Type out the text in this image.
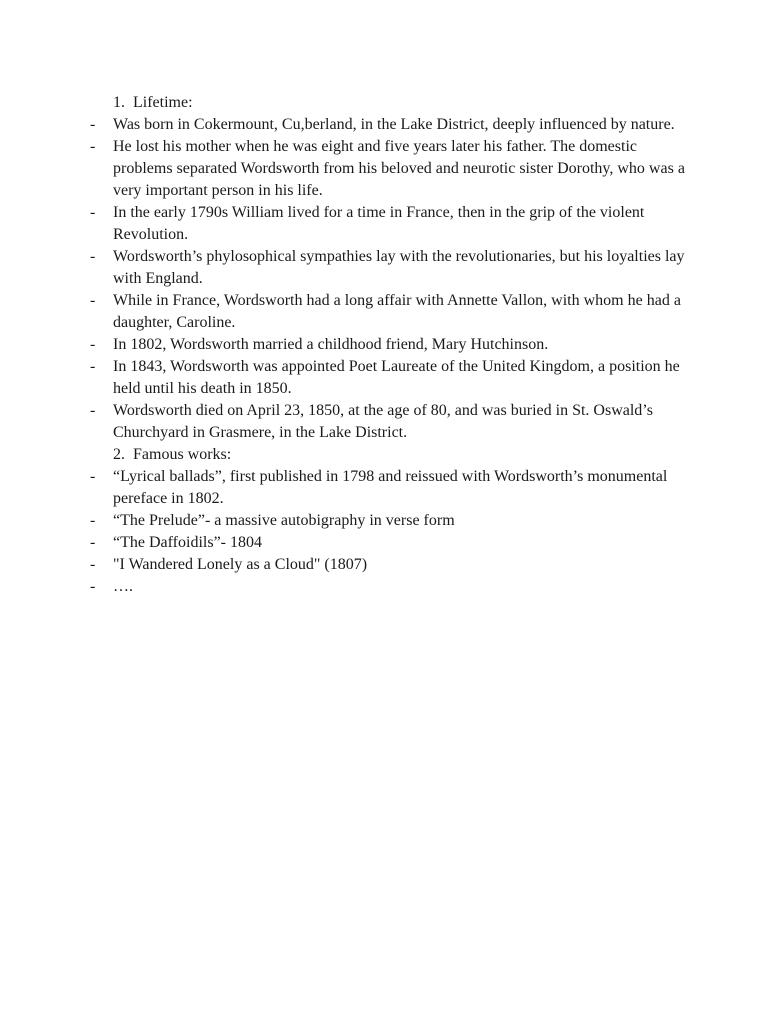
1. Lifetime:

- Was born in Cokermount, Cu,berland, in the Lake District, deeply influenced by nature.

- He lost his mother when he was eight and five years later his father. The domestic problems separated Wordsworth from his beloved and neurotic sister Dorothy, who was a very important person in his life.

- In the early 1790s William lived for a time in France, then in the grip of the violent Revolution.

- Wordsworth’s phylosophical sympathies lay with the revolutionaries, but his loyalties lay with England.

- While in France, Wordsworth had a long affair with Annette Vallon, with whom he had a daughter, Caroline.

- In 1802, Wordsworth married a childhood friend, Mary Hutchinson.

- In 1843, Wordsworth was appointed Poet Laureate of the United Kingdom, a position he held until his death in 1850.

- Wordsworth died on April 23, 1850, at the age of 80, and was buried in St. Oswald’s Churchyard in Grasmere, in the Lake District.

2. Famous works:

- “Lyrical ballads”, first published in 1798 and reissued with Wordsworth’s monumental pereface in 1802.

- “The Prelude”- a massive autobigraphy in verse form

- “The Daffoidils”- 1804

- "I Wandered Lonely as a Cloud" (1807)

- ….
